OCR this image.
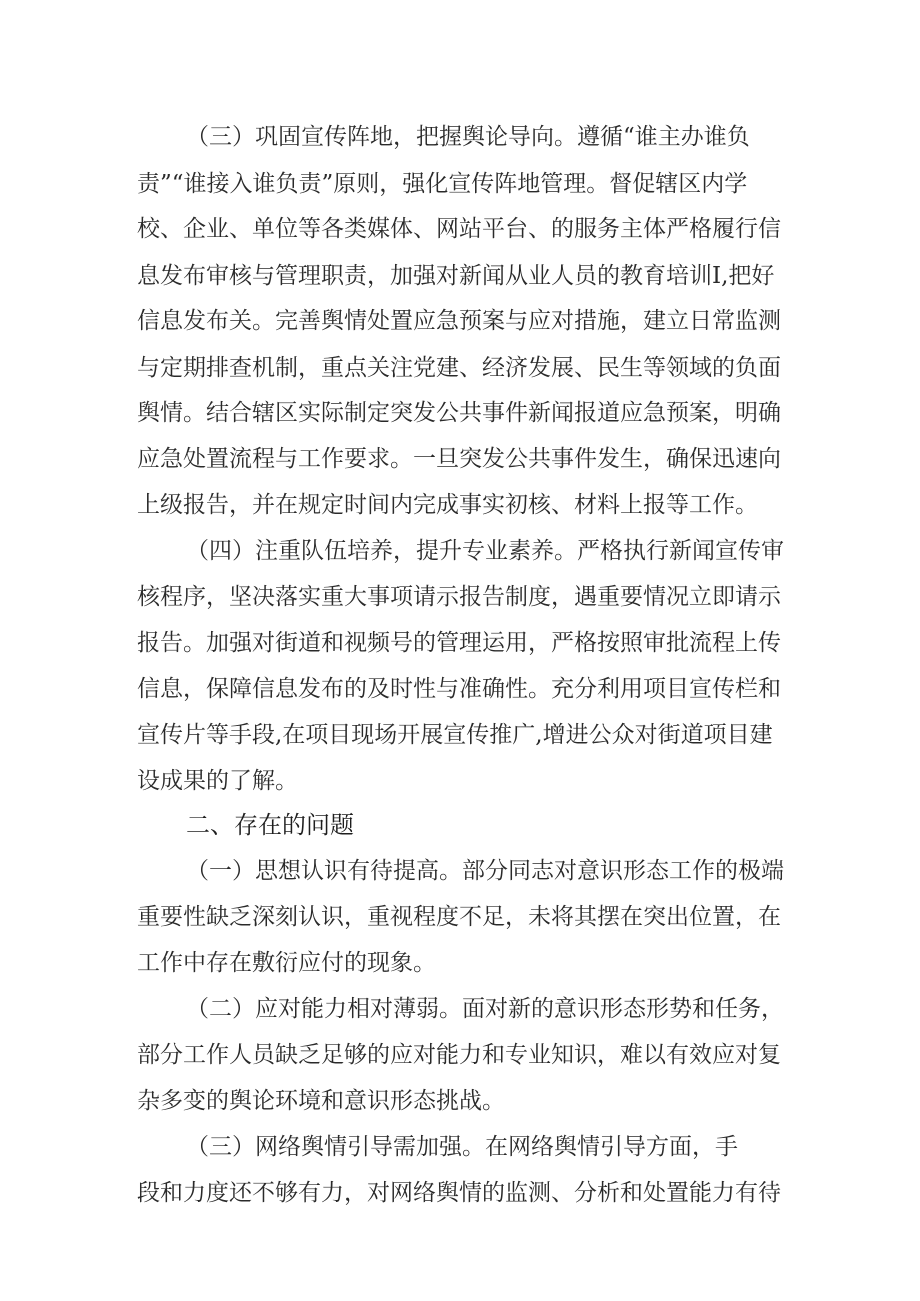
（三）巩固宣传阵地，把握舆论导向。遵循“谁主办谁负

责”“谁接入谁负责”原则，强化宣传阵地管理。督促辖区内学

校、企业、单位等各类媒体、网站平台、的服务主体严格履行信

息发布审核与管理职责，加强对新闻从业人员的教育培训I,把好

信息发布关。完善舆情处置应急预案与应对措施，建立日常监测

与定期排查机制，重点关注党建、经济发展、民生等领域的负面

舆情。结合辖区实际制定突发公共事件新闻报道应急预案，明确

应急处置流程与工作要求。一旦突发公共事件发生，确保迅速向

上级报告，并在规定时间内完成事实初核、材料上报等工作。

（四）注重队伍培养，提升专业素养。严格执行新闻宣传审

核程序，坚决落实重大事项请示报告制度，遇重要情况立即请示

报告。加强对街道和视频号的管理运用，严格按照审批流程上传

信息，保障信息发布的及时性与准确性。充分利用项目宣传栏和

宣传片等手段,在项目现场开展宣传推广,增进公众对街道项目建

设成果的了解。

二、存在的问题

（一）思想认识有待提高。部分同志对意识形态工作的极端

重要性缺乏深刻认识，重视程度不足，未将其摆在突出位置，在

工作中存在敷衍应付的现象。

（二）应对能力相对薄弱。面对新的意识形态形势和任务，

部分工作人员缺乏足够的应对能力和专业知识，难以有效应对复

杂多变的舆论环境和意识形态挑战。

（三）网络舆情引导需加强。在网络舆情引导方面，手

段和力度还不够有力，对网络舆情的监测、分析和处置能力有待
